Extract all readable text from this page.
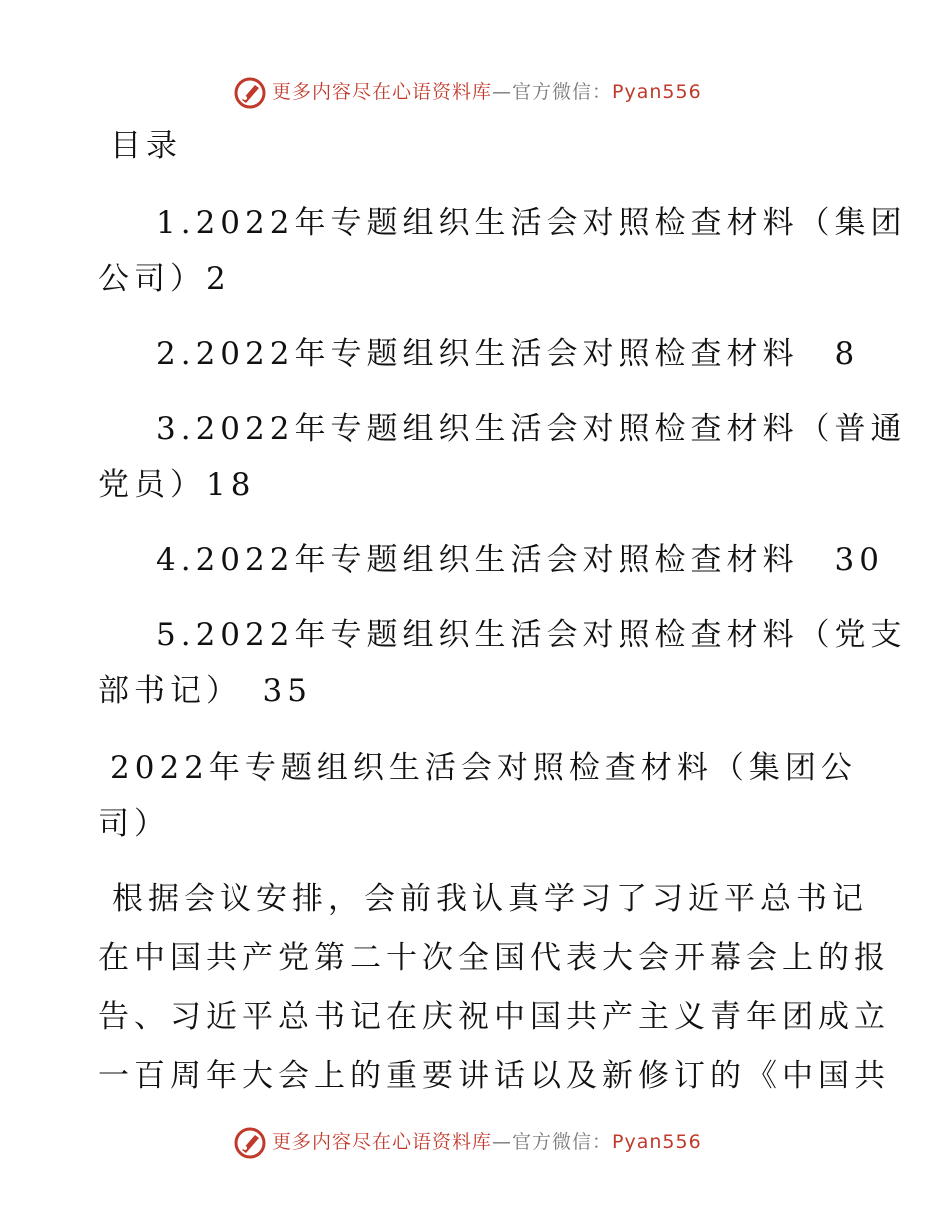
更多内容尽在心语资料库—官方微信：Pyan556
目录
1.2022年专题组织生活会对照检查材料（集团
公司）2
2.2022年专题组织生活会对照检查材料　8
3.2022年专题组织生活会对照检查材料（普通
党员）18
4.2022年专题组织生活会对照检查材料　30
5.2022年专题组织生活会对照检查材料（党支
部书记）　35
2022年专题组织生活会对照检查材料（集团公
司）
根据会议安排，会前我认真学习了习近平总书记
在中国共产党第二十次全国代表大会开幕会上的报
告、习近平总书记在庆祝中国共产主义青年团成立
一百周年大会上的重要讲话以及新修订的《中国共
更多内容尽在心语资料库—官方微信：Pyan556
